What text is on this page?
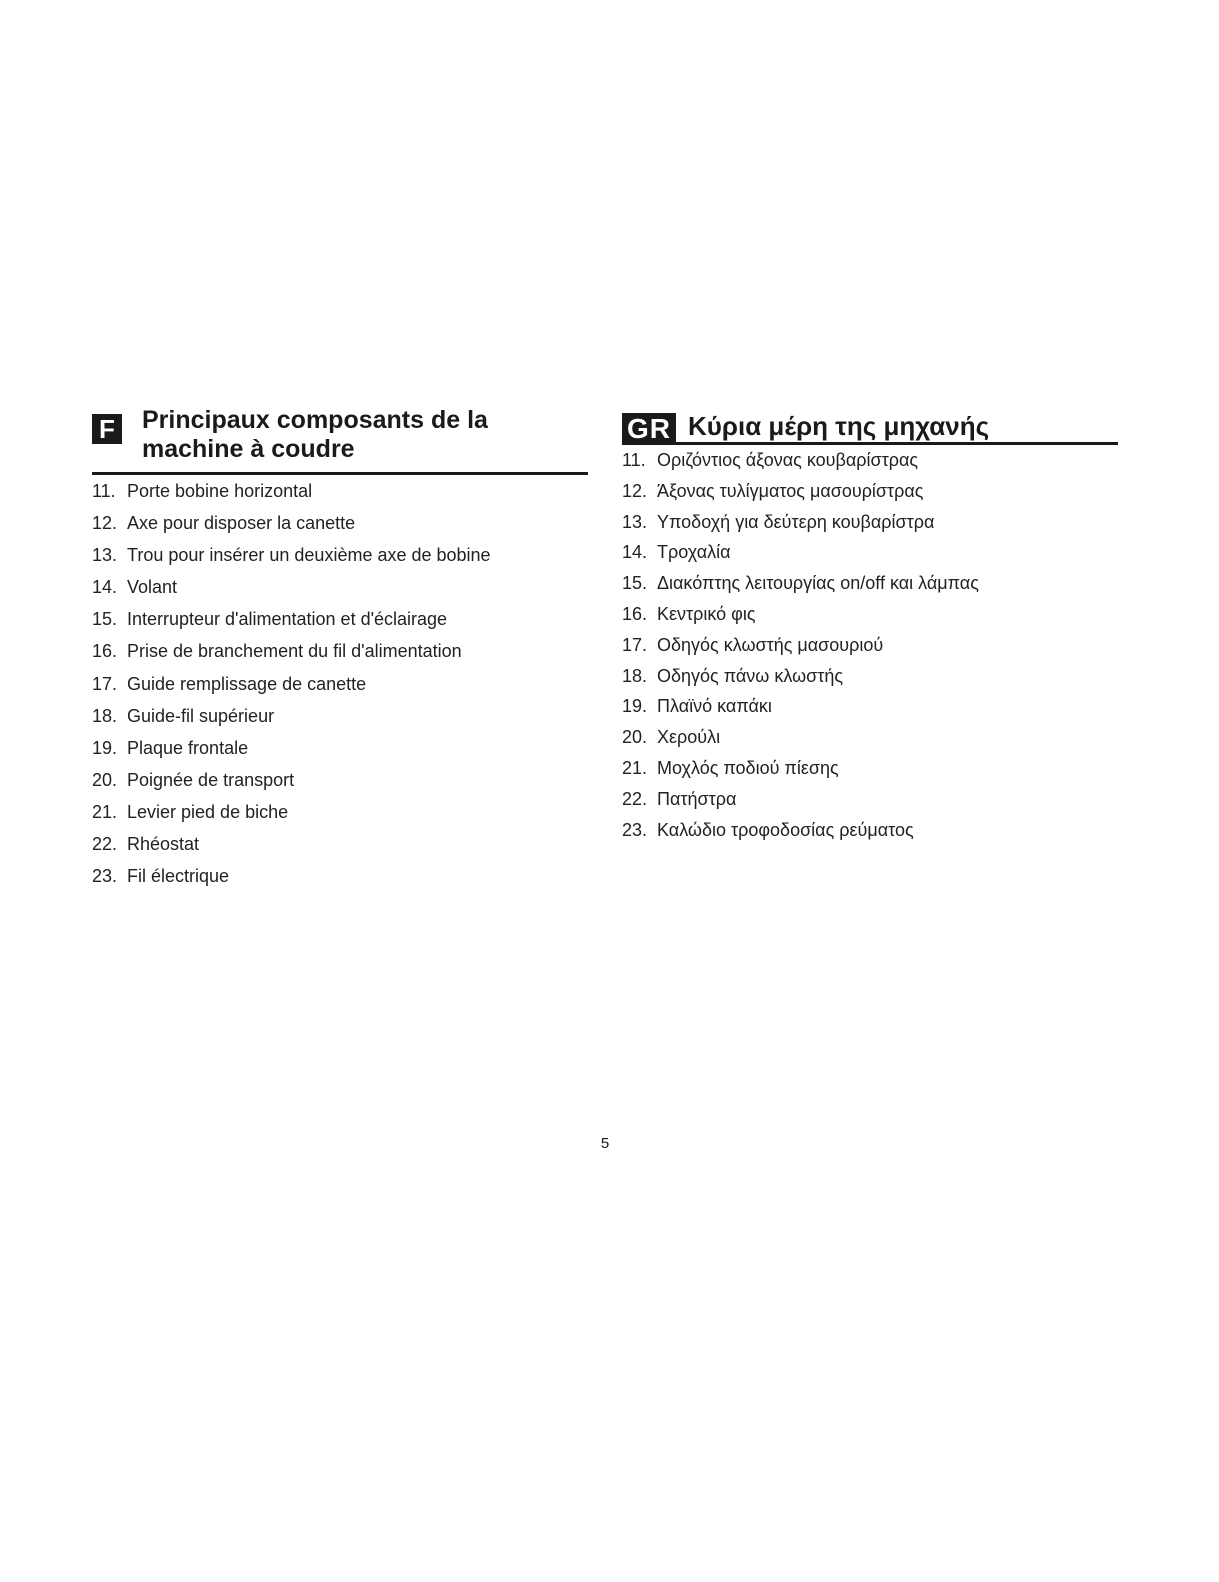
F Principaux composants de la machine à coudre
11. Porte bobine horizontal
12. Axe pour disposer la canette
13. Trou pour insérer un deuxième axe de bobine
14. Volant
15. Interrupteur d'alimentation et d'éclairage
16. Prise de branchement du fil d'alimentation
17. Guide remplissage de canette
18. Guide-fil supérieur
19. Plaque frontale
20. Poignée de transport
21. Levier pied de biche
22. Rhéostat
23. Fil électrique
GR Κύρια μέρη της μηχανής
11. Οριζόντιος άξονας κουβαρίστρας
12. Άξονας τυλίγματος μασουρίστρας
13. Υποδοχή για δεύτερη κουβαρίστρα
14. Τροχαλία
15. Διακόπτης λειτουργίας on/off και λάμπας
16. Κεντρικό φις
17. Οδηγός κλωστής μασουριού
18. Οδηγός πάνω κλωστής
19. Πλαϊνό καπάκι
20. Χερούλι
21. Μοχλός ποδιού πίεσης
22. Πατήστρα
23. Καλώδιο τροφοδοσίας ρεύματος
5
